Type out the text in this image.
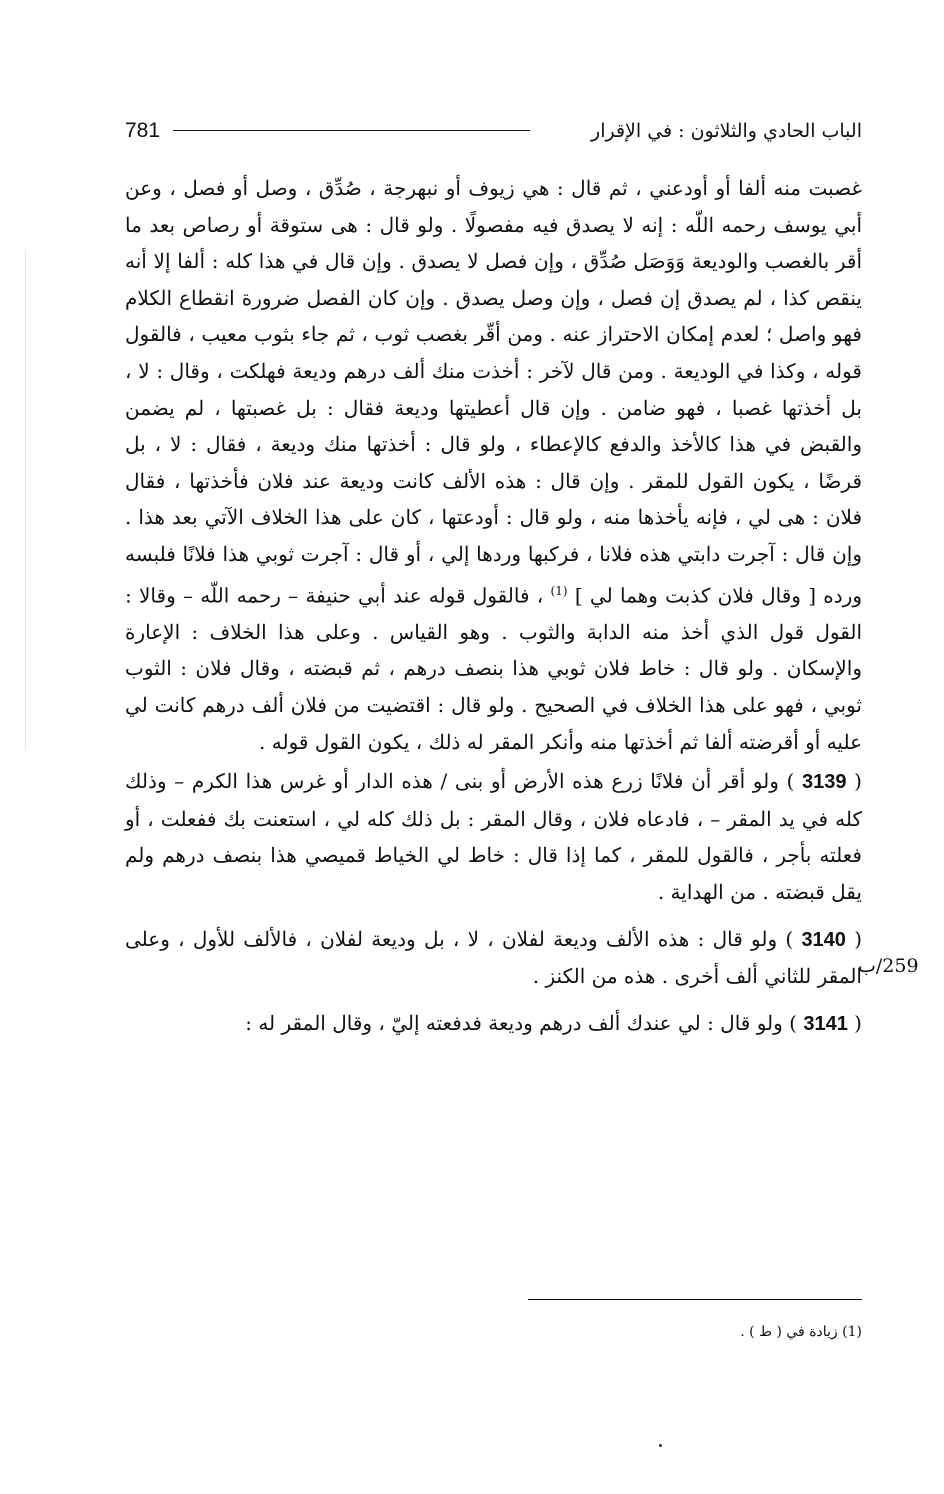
781	الباب الحادي والثلاثون : في الإقرار

غصبت منه ألفا أو أودعني ، ثم قال : هي زيوف أو نبهرجة ، صُدِّق ، وصل أو فصل ، وعن أبي يوسف رحمه اللّه : إنه لا يصدق فيه مفصولًا . ولو قال : هى ستوقة أو رصاص بعد ما أقر بالغصب والوديعة وَوَصَل صُدِّق ، وإن فصل لا يصدق . وإن قال في هذا كله : ألفا إلا أنه ينقص كذا ، لم يصدق إن فصل ، وإن وصل يصدق . وإن كان الفصل ضرورة انقطاع الكلام فهو واصل ؛ لعدم إمكان الاحتراز عنه . ومن أقّر بغصب ثوب ، ثم جاء بثوب معيب ، فالقول قوله ، وكذا في الوديعة . ومن قال لآخر : أخذت منك ألف درهم وديعة فهلكت ، وقال : لا ، بل أخذتها غصبا ، فهو ضامن . وإن قال أعطيتها وديعة فقال : بل غصبتها ، لم يضمن والقبض في هذا كالأخذ والدفع كالإعطاء ، ولو قال : أخذتها منك وديعة ، فقال : لا ، بل قرضًا ، يكون القول للمقر . وإن قال : هذه الألف كانت وديعة عند فلان فأخذتها ، فقال فلان : هى لي ، فإنه يأخذها منه ، ولو قال : أودعتها ، كان على هذا الخلاف الآتي بعد هذا . وإن قال : آجرت دابتي هذه فلانا ، فركبها وردها إلي ، أو قال : آجرت ثوبي هذا فلانًا فلبسه ورده [ وقال فلان كذبت وهما لي ] $^{(1)}$ ، فالقول قوله عند أبي حنيفة – رحمه اللّه – وقالا : القول قول الذي أخذ منه الدابة والثوب . وهو القياس . وعلى هذا الخلاف : الإعارة والإسكان . ولو قال : خاط فلان ثوبي هذا بنصف درهم ، ثم قبضته ، وقال فلان : الثوب ثوبي ، فهو على هذا الخلاف في الصحيح . ولو قال : اقتضيت من فلان ألف درهم كانت لي عليه أو أقرضته ألفا ثم أخذتها منه وأنكر المقر له ذلك ، يكون القول قوله .

( 3139 ) ولو أقر أن فلانًا زرع هذه الأرض أو بنى / هذه الدار أو غرس هذا الكرم – وذلك كله في يد المقر – ، فادعاه فلان ، وقال المقر : بل ذلك كله لي ، استعنت بك ففعلت ، أو فعلته بأجر ، فالقول للمقر ، كما إذا قال : خاط لي الخياط قميصي هذا بنصف درهم ولم يقل قبضته . من الهداية .

( 3140 ) ولو قال : هذه الألف وديعة لفلان ، لا ، بل وديعة لفلان ، فالألف للأول ، وعلى المقر للثاني ألف أخرى . هذه من الكنز .

( 3141 ) ولو قال : لي عندك ألف درهم وديعة فدفعته إليّ ، وقال المقر له :

259/ب
(1) زيادة في ( ط ) .
